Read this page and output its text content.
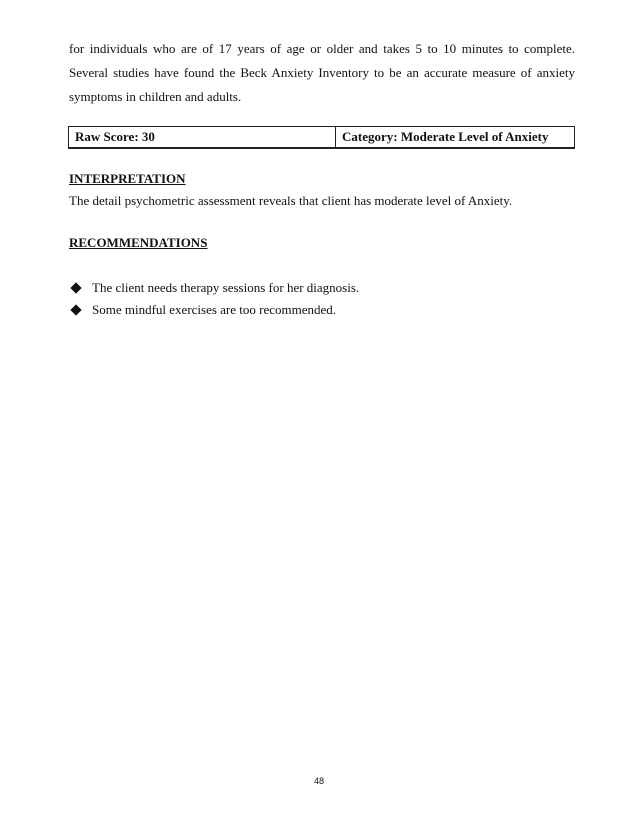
for individuals who are of 17 years of age or older and takes 5 to 10 minutes to complete. Several studies have found the Beck Anxiety Inventory to be an accurate measure of anxiety symptoms in children and adults.

Raw Score: 30	Category: Moderate Level of Anxiety
INTERPRETATION

The detail psychometric assessment reveals that client has moderate level of Anxiety.

RECOMMENDATIONS
The client needs therapy sessions for her diagnosis.
Some mindful exercises are too recommended.
48
